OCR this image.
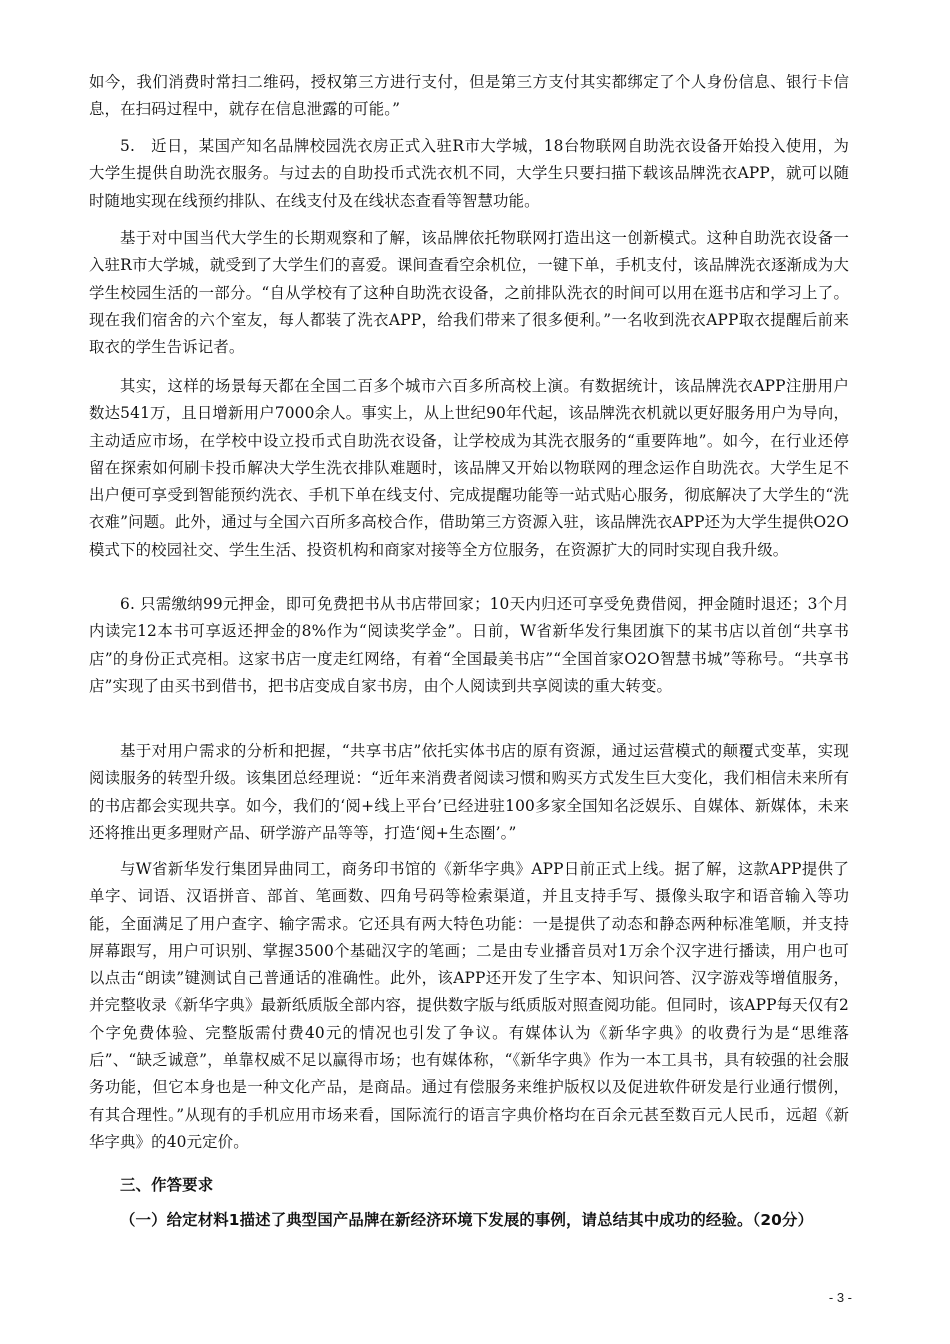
如今，我们消费时常扫二维码，授权第三方进行支付，但是第三方支付其实都绑定了个人身份信息、银行卡信息，在扫码过程中，就存在信息泄露的可能。”

5.　近日，某国产知名品牌校园洗衣房正式入驻R市大学城，18台物联网自助洗衣设备开始投入使用，为大学生提供自助洗衣服务。与过去的自助投币式洗衣机不同，大学生只要扫描下载该品牌洗衣APP，就可以随时随地实现在线预约排队、在线支付及在线状态查看等智慧功能。

基于对中国当代大学生的长期观察和了解，该品牌依托物联网打造出这一创新模式。这种自助洗衣设备一入驻R市大学城，就受到了大学生们的喜爱。课间查看空余机位，一键下单，手机支付，该品牌洗衣逐渐成为大学生校园生活的一部分。“自从学校有了这种自助洗衣设备，之前排队洗衣的时间可以用在逛书店和学习上了。现在我们宿舍的六个室友，每人都装了洗衣APP，给我们带来了很多便利。”一名收到洗衣APP取衣提醒后前来取衣的学生告诉记者。

其实，这样的场景每天都在全国二百多个城市六百多所高校上演。有数据统计，该品牌洗衣APP注册用户数达541万，且日增新用户7000余人。事实上，从上世纪90年代起，该品牌洗衣机就以更好服务用户为导向，主动适应市场，在学校中设立投币式自助洗衣设备，让学校成为其洗衣服务的“重要阵地”。如今，在行业还停留在探索如何刷卡投币解决大学生洗衣排队难题时，该品牌又开始以物联网的理念运作自助洗衣。大学生足不出户便可享受到智能预约洗衣、手机下单在线支付、完成提醒功能等一站式贴心服务，彻底解决了大学生的“洗衣难”问题。此外，通过与全国六百所多高校合作，借助第三方资源入驻，该品牌洗衣APP还为大学生提供O2O模式下的校园社交、学生生活、投资机构和商家对接等全方位服务，在资源扩大的同时实现自我升级。

6. 只需缴纳99元押金，即可免费把书从书店带回家；10天内归还可享受免费借阅，押金随时退还；3个月内读完12本书可享返还押金的8%作为“阅读奖学金”。日前，W省新华发行集团旗下的某书店以首创“共享书店”的身份正式亮相。这家书店一度走红网络，有着“全国最美书店”“全国首家O2O智慧书城”等称号。“共享书店”实现了由买书到借书，把书店变成自家书房，由个人阅读到共享阅读的重大转变。

基于对用户需求的分析和把握，“共享书店”依托实体书店的原有资源，通过运营模式的颠覆式变革，实现阅读服务的转型升级。该集团总经理说：“近年来消费者阅读习惯和购买方式发生巨大变化，我们相信未来所有的书店都会实现共享。如今，我们的‘阅+线上平台’已经进驻100多家全国知名泛娱乐、自媒体、新媒体，未来还将推出更多理财产品、研学游产品等等，打造‘阅+生态圈’。”

与W省新华发行集团异曲同工，商务印书馆的《新华字典》APP日前正式上线。据了解，这款APP提供了单字、词语、汉语拼音、部首、笔画数、四角号码等检索渠道，并且支持手写、摄像头取字和语音输入等功能，全面满足了用户查字、输字需求。它还具有两大特色功能：一是提供了动态和静态两种标准笔顺，并支持屏幕跟写，用户可识别、掌握3500个基础汉字的笔画；二是由专业播音员对1万余个汉字进行播读，用户也可以点击“朗读”键测试自己普通话的准确性。此外，该APP还开发了生字本、知识问答、汉字游戏等增值服务，并完整收录《新华字典》最新纸质版全部内容，提供数字版与纸质版对照查阅功能。但同时，该APP每天仅有2个字免费体验、完整版需付费40元的情况也引发了争议。有媒体认为《新华字典》的收费行为是“思维落后”、“缺乏诚意”，单靠权威不足以赢得市场；也有媒体称，“《新华字典》作为一本工具书，具有较强的社会服务功能，但它本身也是一种文化产品，是商品。通过有偿服务来维护版权以及促进软件研发是行业通行惯例，有其合理性。”从现有的手机应用市场来看，国际流行的语言字典价格均在百余元甚至数百元人民币，远超《新华字典》的40元定价。

三、作答要求

（一）给定材料1描述了典型国产品牌在新经济环境下发展的事例，请总结其中成功的经验。（20分）

- 3 -
